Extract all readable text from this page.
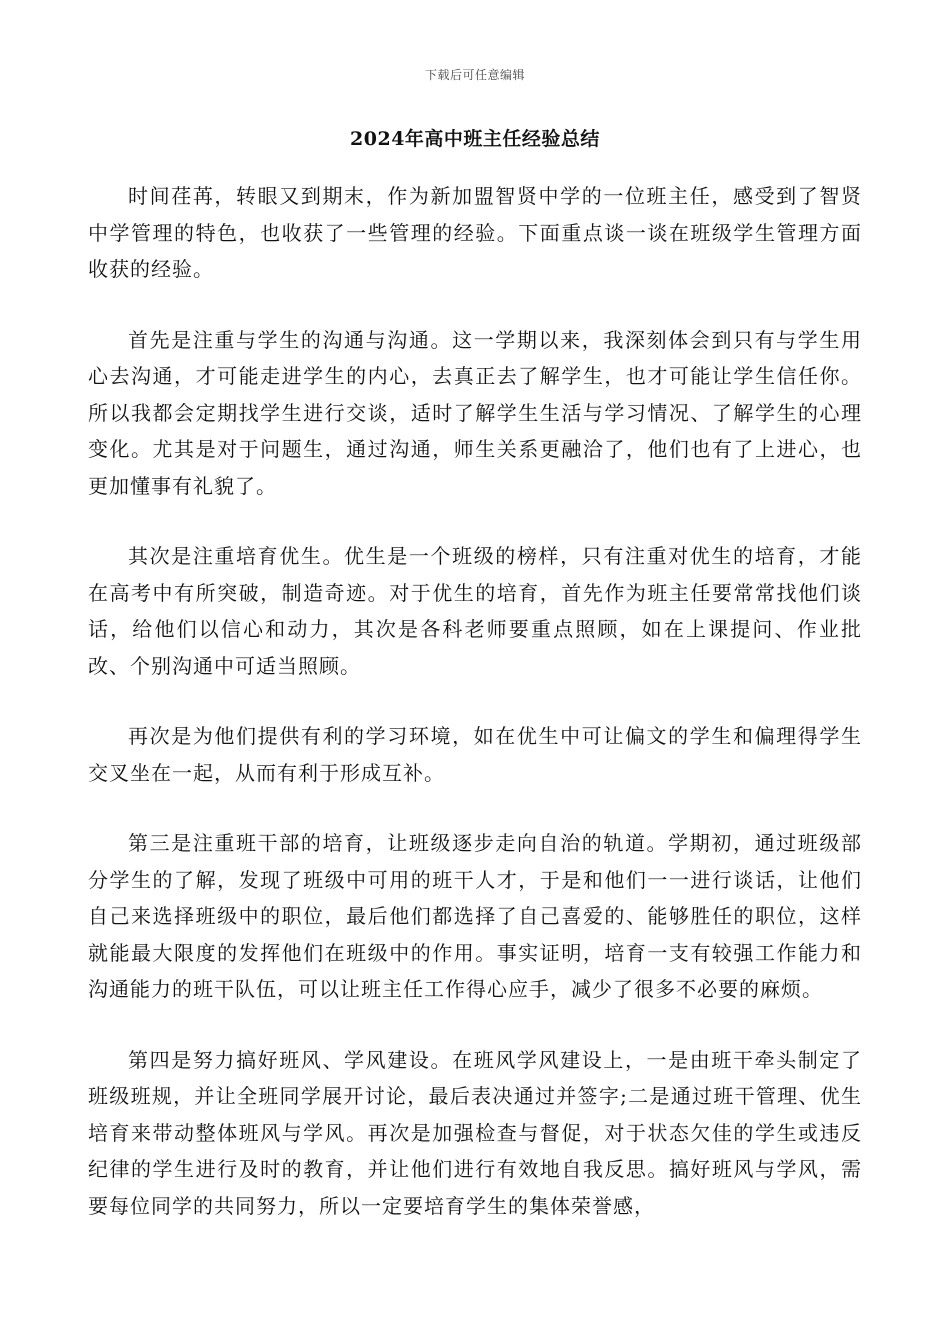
下载后可任意编辑
2024年高中班主任经验总结

时间荏苒，转眼又到期末，作为新加盟智贤中学的一位班主任，感受到了智贤中学管理的特色，也收获了一些管理的经验。下面重点谈一谈在班级学生管理方面收获的经验。

首先是注重与学生的沟通与沟通。这一学期以来，我深刻体会到只有与学生用心去沟通，才可能走进学生的内心，去真正去了解学生，也才可能让学生信任你。所以我都会定期找学生进行交谈，适时了解学生生活与学习情况、了解学生的心理变化。尤其是对于问题生，通过沟通，师生关系更融洽了，他们也有了上进心，也更加懂事有礼貌了。

其次是注重培育优生。优生是一个班级的榜样，只有注重对优生的培育，才能在高考中有所突破，制造奇迹。对于优生的培育，首先作为班主任要常常找他们谈话，给他们以信心和动力，其次是各科老师要重点照顾，如在上课提问、作业批改、个别沟通中可适当照顾。

再次是为他们提供有利的学习环境，如在优生中可让偏文的学生和偏理得学生交叉坐在一起，从而有利于形成互补。

第三是注重班干部的培育，让班级逐步走向自治的轨道。学期初，通过班级部分学生的了解，发现了班级中可用的班干人才，于是和他们一一进行谈话，让他们自己来选择班级中的职位，最后他们都选择了自己喜爱的、能够胜任的职位，这样就能最大限度的发挥他们在班级中的作用。事实证明，培育一支有较强工作能力和沟通能力的班干队伍，可以让班主任工作得心应手，减少了很多不必要的麻烦。

第四是努力搞好班风、学风建设。在班风学风建设上，一是由班干牵头制定了班级班规，并让全班同学展开讨论，最后表决通过并签字;二是通过班干管理、优生培育来带动整体班风与学风。再次是加强检查与督促，对于状态欠佳的学生或违反纪律的学生进行及时的教育，并让他们进行有效地自我反思。搞好班风与学风，需要每位同学的共同努力，所以一定要培育学生的集体荣誉感，
